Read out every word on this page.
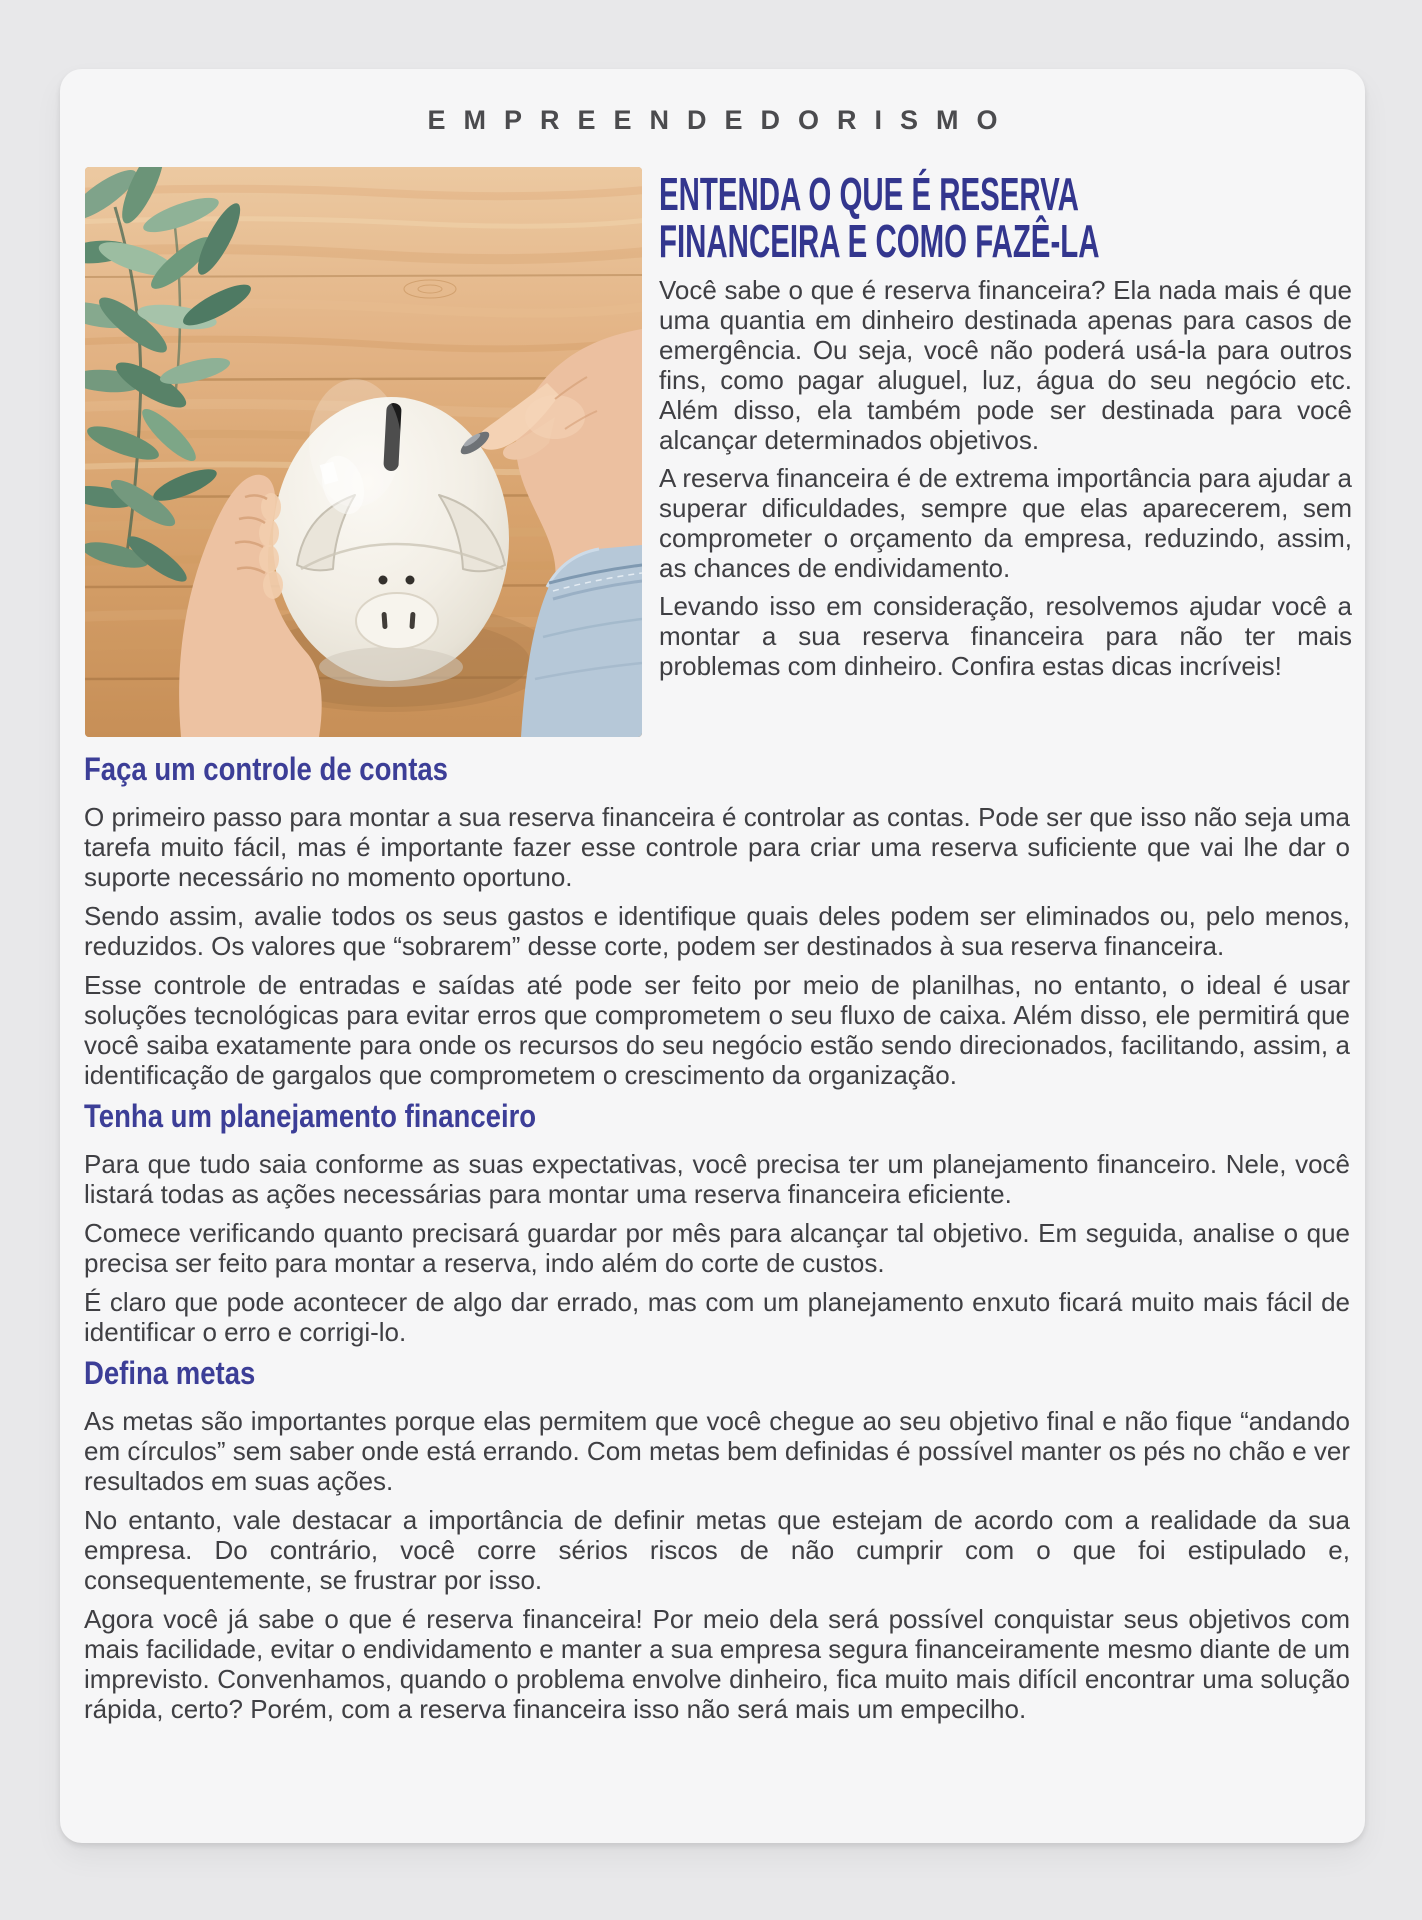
EMPREENDEDORISMO
ENTENDA O QUE É RESERVA
FINANCEIRA E COMO FAZÊ-LA

Você sabe o que é reserva financeira? Ela nada mais é que uma quantia em dinheiro destinada apenas para casos de emergência. Ou seja, você não poderá usá-la para outros fins, como pagar aluguel, luz, água do seu negócio etc. Além disso, ela também pode ser destinada para você alcançar determinados objetivos.

A reserva financeira é de extrema importância para ajudar a superar dificuldades, sempre que elas aparecerem, sem comprometer o orçamento da empresa, reduzindo, assim, as chances de endividamento.

Levando isso em consideração, resolvemos ajudar você a montar a sua reserva financeira para não ter mais problemas com dinheiro. Confira estas dicas incríveis!

Faça um controle de contas

O primeiro passo para montar a sua reserva financeira é controlar as contas. Pode ser que isso não seja uma tarefa muito fácil, mas é importante fazer esse controle para criar uma reserva suficiente que vai lhe dar o suporte necessário no momento oportuno.

Sendo assim, avalie todos os seus gastos e identifique quais deles podem ser eliminados ou, pelo menos, reduzidos. Os valores que “sobrarem” desse corte, podem ser destinados à sua reserva financeira.

Esse controle de entradas e saídas até pode ser feito por meio de planilhas, no entanto, o ideal é usar soluções tecnológicas para evitar erros que comprometem o seu fluxo de caixa. Além disso, ele permitirá que você saiba exatamente para onde os recursos do seu negócio estão sendo direcionados, facilitando, assim, a identificação de gargalos que comprometem o crescimento da organização.

Tenha um planejamento financeiro

Para que tudo saia conforme as suas expectativas, você precisa ter um planejamento financeiro. Nele, você listará todas as ações necessárias para montar uma reserva financeira eficiente.

Comece verificando quanto precisará guardar por mês para alcançar tal objetivo. Em seguida, analise o que precisa ser feito para montar a reserva, indo além do corte de custos.

É claro que pode acontecer de algo dar errado, mas com um planejamento enxuto ficará muito mais fácil de identificar o erro e corrigi-lo.

Defina metas

As metas são importantes porque elas permitem que você chegue ao seu objetivo final e não fique “andando em círculos” sem saber onde está errando. Com metas bem definidas é possível manter os pés no chão e ver resultados em suas ações.

No entanto, vale destacar a importância de definir metas que estejam de acordo com a realidade da sua empresa. Do contrário, você corre sérios riscos de não cumprir com o que foi estipulado e, consequentemente, se frustrar por isso.

Agora você já sabe o que é reserva financeira! Por meio dela será possível conquistar seus objetivos com mais facilidade, evitar o endividamento e manter a sua empresa segura financeiramente mesmo diante de um imprevisto. Convenhamos, quando o problema envolve dinheiro, fica muito mais difícil encontrar uma solução rápida, certo? Porém, com a reserva financeira isso não será mais um empecilho.
